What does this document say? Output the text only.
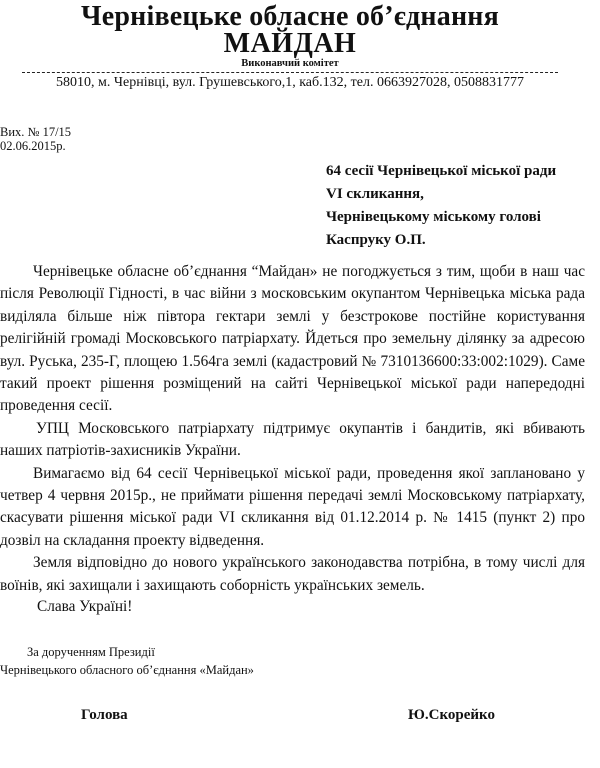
Чернівецьке обласне об’єднання
МАЙДАН
Виконавчий комітет
58010, м. Чернівці, вул. Грушевського,1, каб.132, тел. 0663927028, 0508831777
Вих. № 17/15
02.06.2015р.
64 сесії Чернівецької міської ради
VI скликання,
Чернівецькому міському голові
Каспруку О.П.

Чернівецьке обласне об’єднання “Майдан» не погоджується з тим, щоби в наш час після Революції Гідності, в час війни з московським окупантом Чернівецька міська рада виділяла більше ніж півтора гектари землі у безстрокове постійне користування релігійній громаді Московського патріархату. Йдеться про земельну ділянку за адресою вул. Руська, 235-Г, площею 1.564га землі (кадастровий № 7310136600:33:002:1029). Саме такий проект рішення розміщений на сайті Чернівецької міської ради напередодні проведення сесії.

УПЦ Московського патріархату підтримує окупантів і бандитів, які вбивають наших патріотів-захисників України.

Вимагаємо від 64 сесії Чернівецької міської ради, проведення якої заплановано у четвер 4 червня 2015р., не приймати рішення передачі землі Московському патріархату, скасувати рішення міської ради VI скликання від 01.12.2014 р. № 1415 (пункт 2) про дозвіл на складання проекту відведення.

Земля відповідно до нового українського законодавства потрібна, в тому числі для воїнів, які захищали і захищають соборність українських земель.

Слава Україні!
За дорученням Президії
Чернівецького обласного об’єднання «Майдан»
Голова	Ю.Скорейко
